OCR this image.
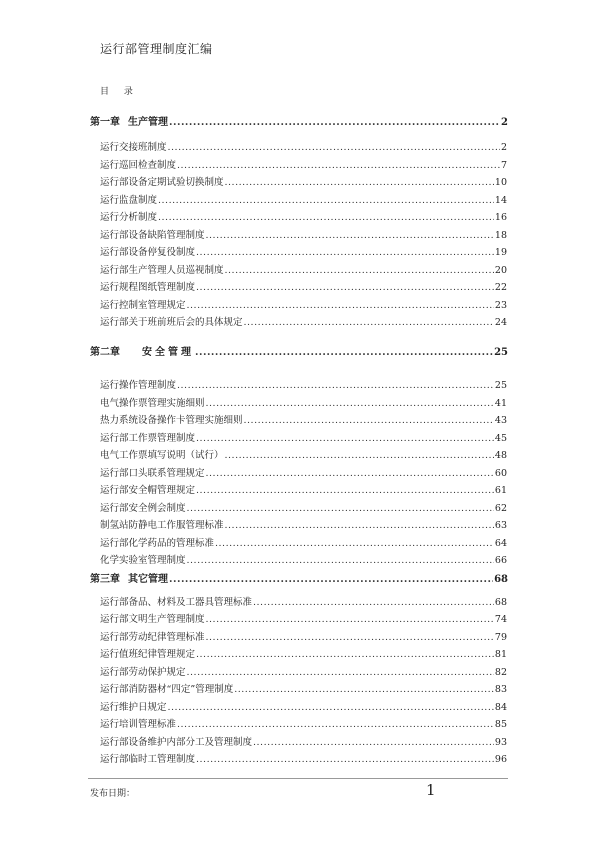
运行部管理制度汇编
目 录
第一章 生产管理 .....	2
运行交接班制度 .....	2
运行巡回检查制度 .....	7
运行部设备定期试验切换制度 .....	10
运行监盘制度 .....	14
运行分析制度 .....	16
运行部设备缺陷管理制度 .....	18
运行部设备停复役制度 .....	19
运行部生产管理人员巡视制度 .....	20
运行规程图纸管理制度 .....	22
运行控制室管理规定 .....	23
运行部关于班前班后会的具体规定 .....	24
第二章 安全管理 .....	25
运行操作管理制度 .....	25
电气操作票管理实施细则 .....	41
热力系统设备操作卡管理实施细则 .....	43
运行部工作票管理制度 .....	45
电气工作票填写说明（试行） .....	48
运行部口头联系管理规定 .....	60
运行部安全帽管理规定 .....	61
运行部安全例会制度 .....	62
制氢站防静电工作服管理标准 .....	63
运行部化学药品的管理标准 .....	64
化学实验室管理制度 .....	66
第三章 其它管理 .....	68
运行部备品、材料及工器具管理标准 .....	68
运行部文明生产管理制度 .....	74
运行部劳动纪律管理标准 .....	79
运行值班纪律管理规定 .....	81
运行部劳动保护规定 .....	82
运行部消防器材“四定”管理制度 .....	83
运行维护日规定 .....	84
运行培训管理标准 .....	85
运行部设备维护内部分工及管理制度 .....	93
运行部临时工管理制度 .....	96
发布日期：	1
